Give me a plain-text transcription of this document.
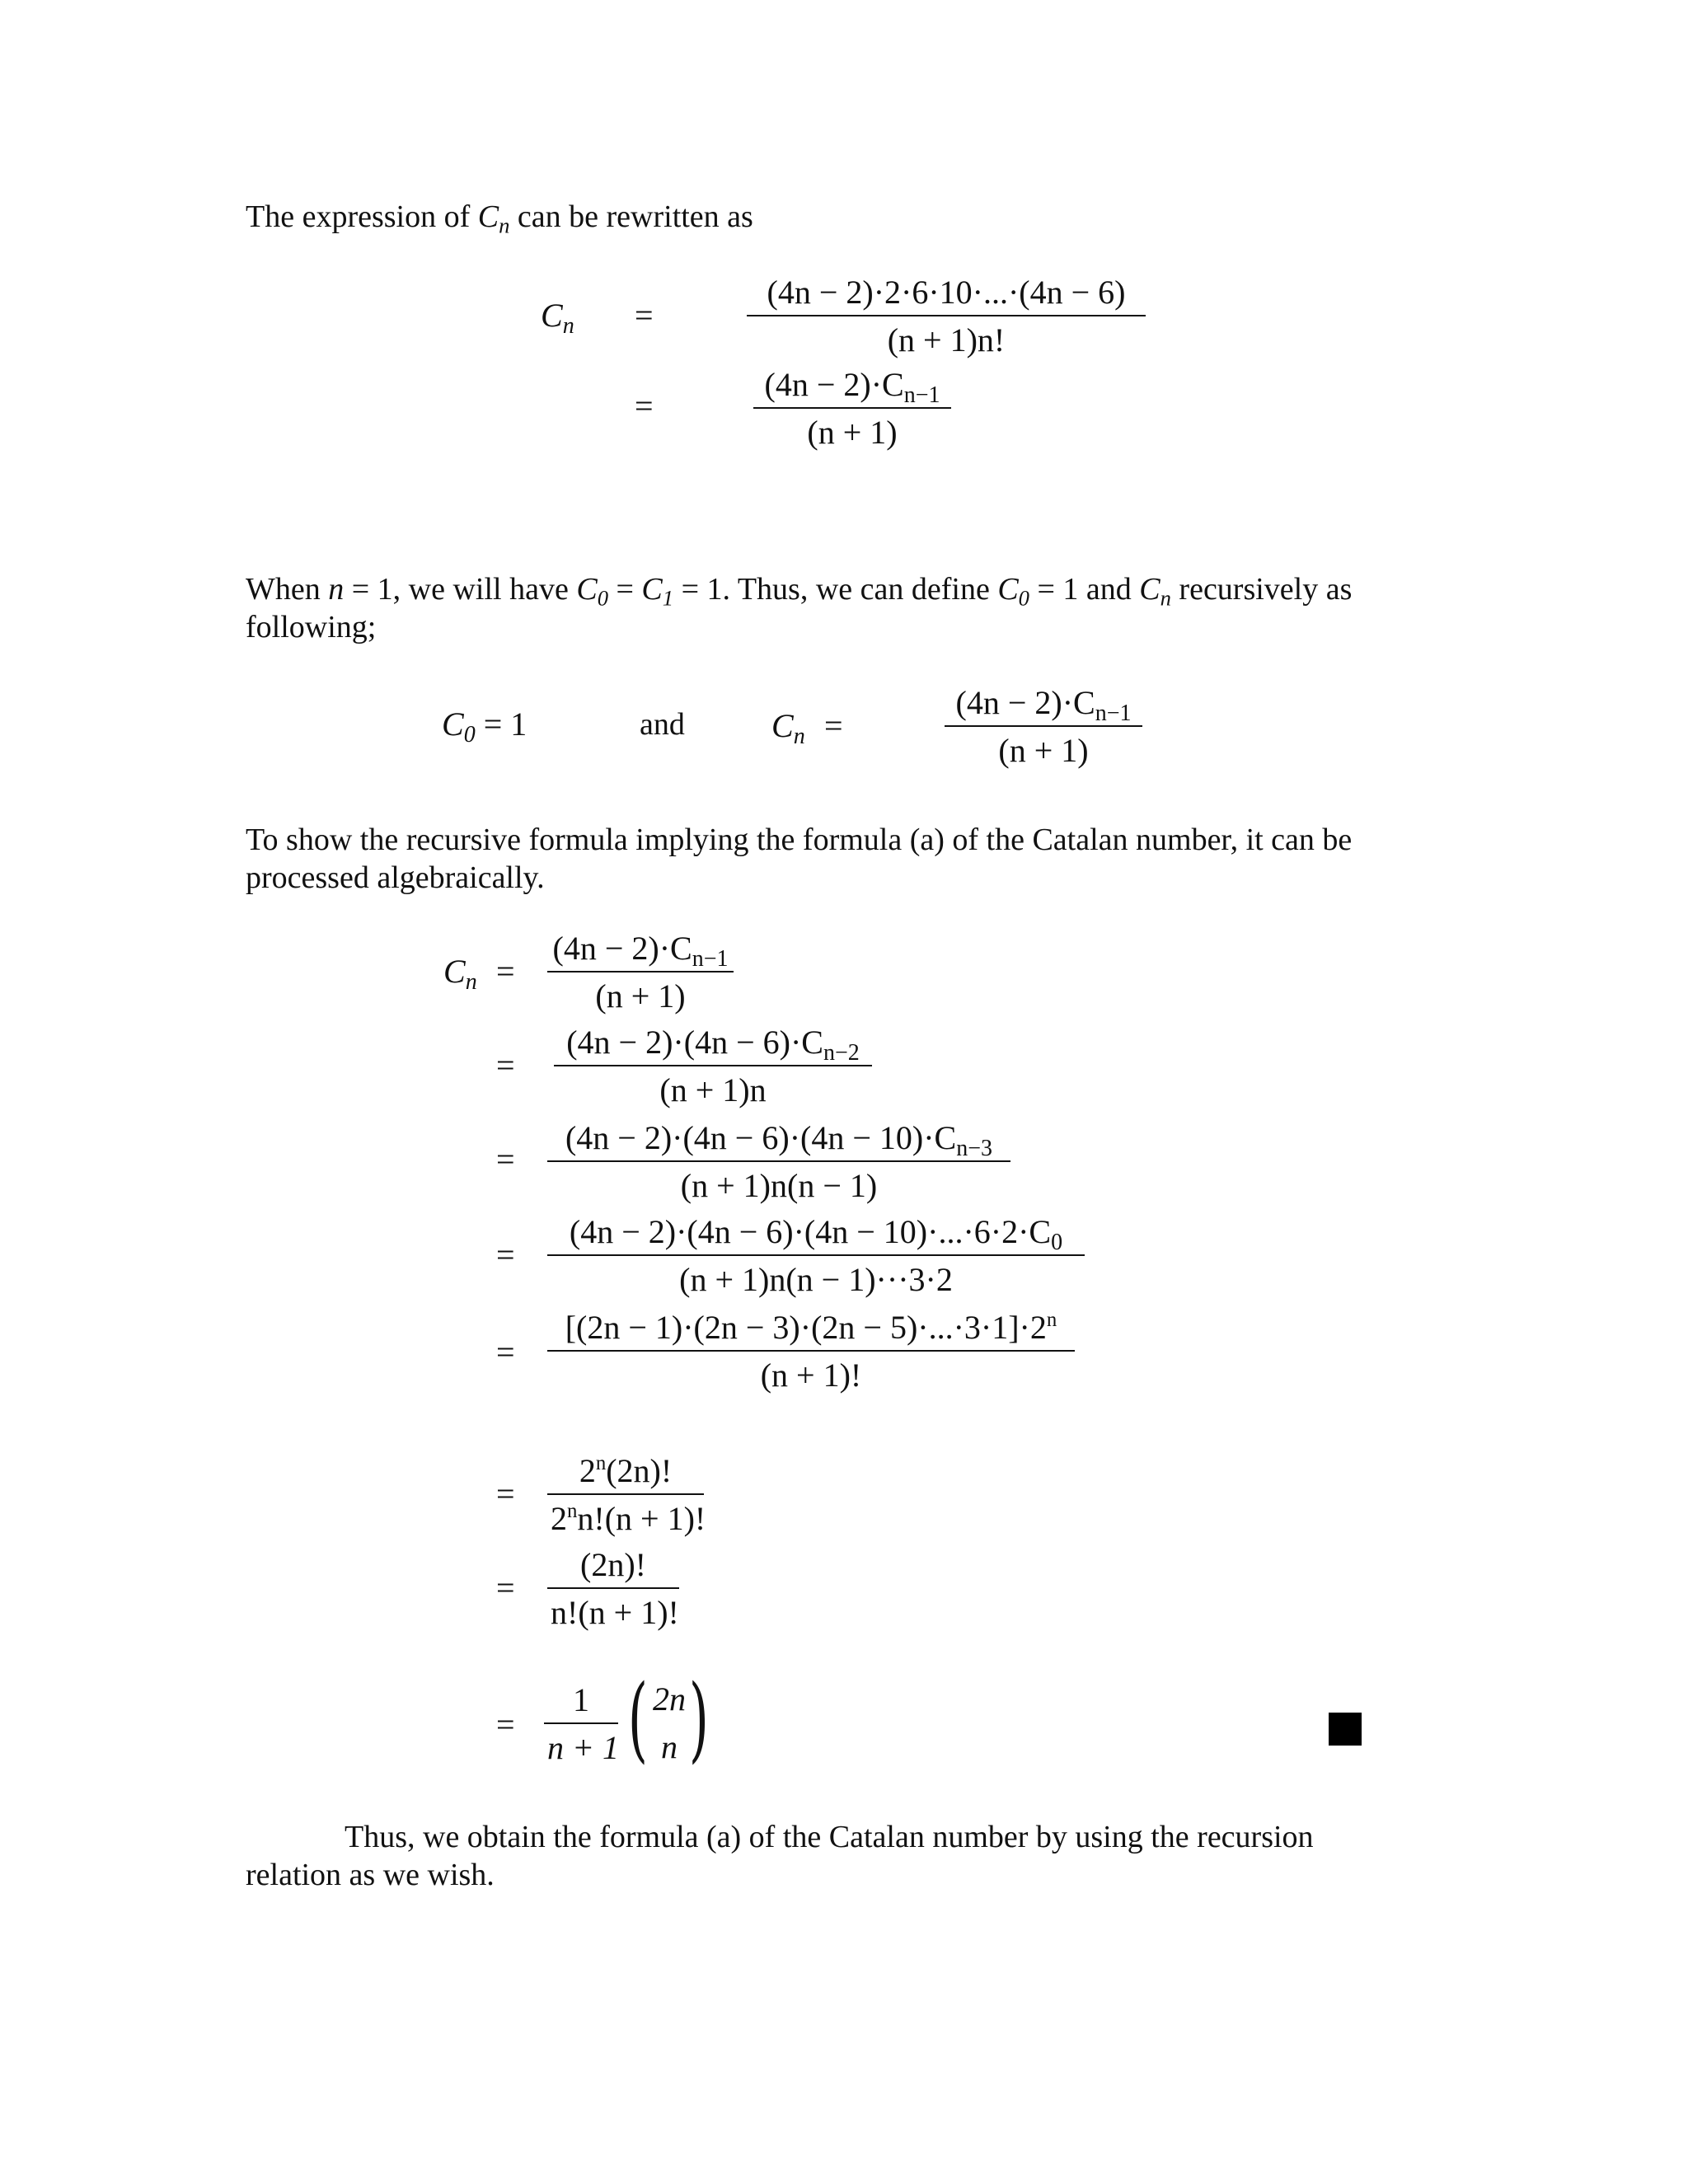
The expression of $C_n$ can be rewritten as

$C_n$ =	$\frac{(4n - 2)\cdot 2\cdot 6\cdot 10\cdot...\cdot(4n - 6)}{(n + 1)n!}$
=	$\frac{(4n - 2)\cdot C_{n-1}}{(n + 1)}$

When n = 1, we will have $C_0 = C_1 = 1$. Thus, we can define $C_0 = 1$ and $C_n$ recursively as following;

$C_0 = 1$	and	$C_n$ =	$\frac{(4n - 2)\cdot C_{n-1}}{(n + 1)}$

To show the recursive formula implying the formula (a) of the Catalan number, it can be processed algebraically.

$C_n = \frac{(4n - 2)\cdot C_{n-1}}{(n + 1)}$
= $\frac{(4n - 2)\cdot(4n - 6)\cdot C_{n-2}}{(n + 1)n}$
= $\frac{(4n - 2)\cdot(4n - 6)\cdot(4n - 10)\cdot C_{n-3}}{(n + 1)n(n - 1)}$
= $\frac{(4n - 2)\cdot(4n - 6)\cdot(4n - 10)\cdot...\cdot 6\cdot 2\cdot C_0}{(n + 1)n(n - 1)\cdot\cdot\cdot 3\cdot 2}$
= $\frac{[(2n - 1)\cdot(2n - 3)\cdot(2n - 5)\cdot...\cdot 3\cdot 1]\cdot 2^n}{(n + 1)!}$
= $\frac{2^n(2n)!}{2^nn!(n + 1)!}$
= $\frac{(2n)!}{n!(n + 1)!}$
= $\frac{1}{n + 1}$ ( 2n
n )
Thus, we obtain the formula (a) of the Catalan number by using the recursion
relation as we wish.
